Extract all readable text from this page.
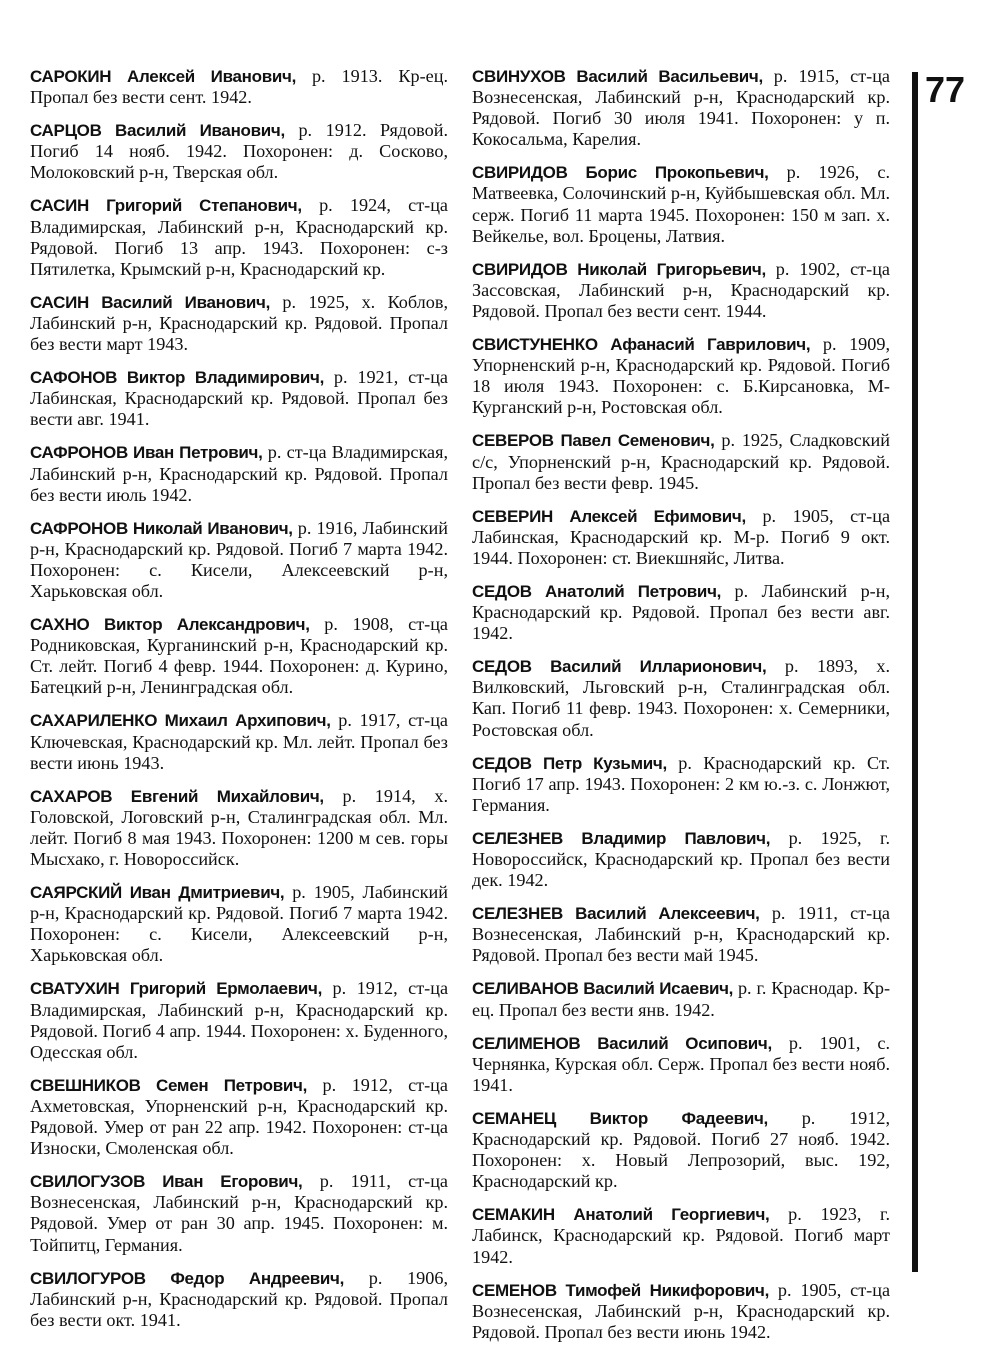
САРОКИН Алексей Иванович, р. 1913. Кр-ец. Пропал без вести сент. 1942.

САРЦОВ Василий Иванович, р. 1912. Рядовой. Погиб 14 нояб. 1942. Похоронен: д. Сосково, Молоковский р-н, Тверская обл.

САСИН Григорий Степанович, р. 1924, ст-ца Владимирская, Лабинский р-н, Краснодарский кр. Рядовой. Погиб 13 апр. 1943. Похоронен: с-з Пятилетка, Крымский р-н, Краснодарский кр.

САСИН Василий Иванович, р. 1925, х. Коблов, Лабинский р-н, Краснодарский кр. Рядовой. Пропал без вести март 1943.

САФОНОВ Виктор Владимирович, р. 1921, ст-ца Лабинская, Краснодарский кр. Рядовой. Пропал без вести авг. 1941.

САФРОНОВ Иван Петрович, р. ст-ца Владимирская, Лабинский р-н, Краснодарский кр. Рядовой. Пропал без вести июль 1942.

САФРОНОВ Николай Иванович, р. 1916, Лабинский р-н, Краснодарский кр. Рядовой. Погиб 7 марта 1942. Похоронен: с. Кисели, Алексеевский р-н, Харьковская обл.

САХНО Виктор Александрович, р. 1908, ст-ца Родниковская, Курганинский р-н, Краснодарский кр. Ст. лейт. Погиб 4 февр. 1944. Похоронен: д. Курино, Батецкий р-н, Ленинградская обл.

САХАРИЛЕНКО Михаил Архипович, р. 1917, ст-ца Ключевская, Краснодарский кр. Мл. лейт. Пропал без вести июнь 1943.

САХАРОВ Евгений Михайлович, р. 1914, х. Головской, Логовский р-н, Сталинградская обл. Мл. лейт. Погиб 8 мая 1943. Похоронен: 1200 м сев. горы Мысхако, г. Новороссийск.

САЯРСКИЙ Иван Дмитриевич, р. 1905, Лабинский р-н, Краснодарский кр. Рядовой. Погиб 7 марта 1942. Похоронен: с. Кисели, Алексеевский р-н, Харьковская обл.

СВАТУХИН Григорий Ермолаевич, р. 1912, ст-ца Владимирская, Лабинский р-н, Краснодарский кр. Рядовой. Погиб 4 апр. 1944. Похоронен: х. Буденного, Одесская обл.

СВЕШНИКОВ Семен Петрович, р. 1912, ст-ца Ахметовская, Упорненский р-н, Краснодарский кр. Рядовой. Умер от ран 22 апр. 1942. Похоронен: ст-ца Износки, Смоленская обл.

СВИЛОГУЗОВ Иван Егорович, р. 1911, ст-ца Вознесенская, Лабинский р-н, Краснодарский кр. Рядовой. Умер от ран 30 апр. 1945. Похоронен: м. Тойпитц, Германия.

СВИЛОГУРОВ Федор Андреевич, р. 1906, Лабинский р-н, Краснодарский кр. Рядовой. Пропал без вести окт. 1941.

СВИНУХОВ Василий Васильевич, р. 1915, ст-ца Вознесенская, Лабинский р-н, Краснодарский кр. Рядовой. Погиб 30 июля 1941. Похоронен: у п. Кокосальма, Карелия.

СВИРИДОВ Борис Прокопьевич, р. 1926, с. Матвеевка, Солочинский р-н, Куйбышевская обл. Мл. серж. Погиб 11 марта 1945. Похоронен: 150 м зап. х. Вейкелье, вол. Броцены, Латвия.

СВИРИДОВ Николай Григорьевич, р. 1902, ст-ца Зассовская, Лабинский р-н, Краснодарский кр. Рядовой. Пропал без вести сент. 1944.

СВИСТУНЕНКО Афанасий Гаврилович, р. 1909, Упорненский р-н, Краснодарский кр. Рядовой. Погиб 18 июля 1943. Похоронен: с. Б.Кирсановка, М-Курганский р-н, Ростовская обл.

СЕВЕРОВ Павел Семенович, р. 1925, Сладковский с/с, Упорненский р-н, Краснодарский кр. Рядовой. Пропал без вести февр. 1945.

СЕВЕРИН Алексей Ефимович, р. 1905, ст-ца Лабинская, Краснодарский кр. М-р. Погиб 9 окт. 1944. Похоронен: ст. Виекшняйс, Литва.

СЕДОВ Анатолий Петрович, р. Лабинский р-н, Краснодарский кр. Рядовой. Пропал без вести авг. 1942.

СЕДОВ Василий Илларионович, р. 1893, х. Вилковский, Льговский р-н, Сталинградская обл. Кап. Погиб 11 февр. 1943. Похоронен: х. Семерники, Ростовская обл.

СЕДОВ Петр Кузьмич, р. Краснодарский кр. Ст. Погиб 17 апр. 1943. Похоронен: 2 км ю.-з. с. Лонжют, Германия.

СЕЛЕЗНЕВ Владимир Павлович, р. 1925, г. Новороссийск, Краснодарский кр. Пропал без вести дек. 1942.

СЕЛЕЗНЕВ Василий Алексеевич, р. 1911, ст-ца Вознесенская, Лабинский р-н, Краснодарский кр. Рядовой. Пропал без вести май 1945.

СЕЛИВАНОВ Василий Исаевич, р. г. Краснодар. Кр-ец. Пропал без вести янв. 1942.

СЕЛИМЕНОВ Василий Осипович, р. 1901, с. Чернянка, Курская обл. Серж. Пропал без вести нояб. 1941.

СЕМАНЕЦ Виктор Фадеевич, р. 1912, Краснодарский кр. Рядовой. Погиб 27 нояб. 1942. Похоронен: х. Новый Лепрозорий, выс. 192, Краснодарский кр.

СЕМАКИН Анатолий Георгиевич, р. 1923, г. Лабинск, Краснодарский кр. Рядовой. Погиб март 1942.

СЕМЕНОВ Тимофей Никифорович, р. 1905, ст-ца Вознесенская, Лабинский р-н, Краснодарский кр. Рядовой. Пропал без вести июнь 1942.

77
